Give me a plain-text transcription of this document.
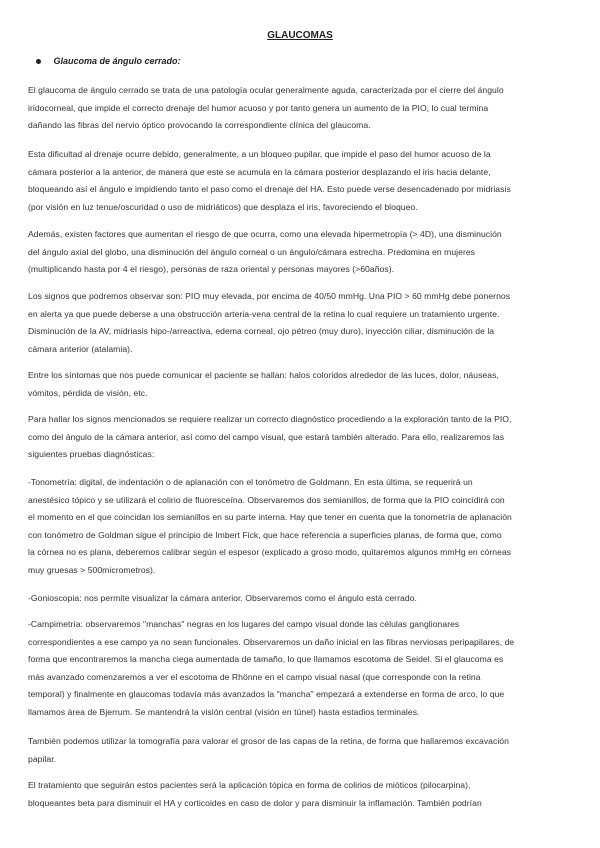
GLAUCOMAS
Glaucoma de ángulo cerrado:
El glaucoma de ángulo cerrado se trata de una patología ocular generalmente aguda, caracterizada por el cierre del ángulo
iridocorneal, que impide el correcto drenaje del humor acuoso y por tanto genera un aumento de la PIO, lo cual termina
dañando las fibras del nervio óptico provocando la correspondiente clínica del glaucoma.
Esta dificultad al drenaje ocurre debido, generalmente, a un bloqueo pupilar, que impide el paso del humor acuoso de la
cámara posterior a la anterior, de manera que este se acumula en la cámara posterior desplazando el iris hacia delante,
bloqueando así el ángulo e impidiendo tanto el paso como el drenaje del HA. Esto puede verse desencadenado por midriasis
(por visión en luz tenue/oscuridad o uso de midriáticos) que desplaza el iris, favoreciendo el bloqueo.
Además, existen factores que aumentan el riesgo de que ocurra, como una elevada hipermetropía (> 4D), una disminución
del ángulo axial del globo, una disminución del ángulo corneal o un ángulo/cámara estrecha. Predomina en mujeres
(multiplicando hasta por 4 el riesgo), personas de raza oriental y personas mayores (>60años).
Los signos que podremos observar son: PIO muy elevada, por encima de 40/50 mmHg. Una PIO > 60 mmHg debe ponernos
en alerta ya que puede deberse a una obstrucción arteria-vena central de la retina lo cual requiere un tratamiento urgente.
Disminución de la AV, midriasis hipo-/arreactiva, edema corneal, ojo pétreo (muy duro), inyección ciliar, disminución de la
cámara anterior (atalamia).
Entre los síntomas que nos puede comunicar el paciente se hallan: halos coloridos alrededor de las luces, dolor, náuseas,
vómitos, pérdida de visión, etc.
Para hallar los signos mencionados se requiere realizar un correcto diagnóstico procediendo a la exploración tanto de la PIO,
como del ángulo de la cámara anterior, así como del campo visual, que estará también alterado. Para ello, realizaremos las
siguientes pruebas diagnósticas:
-Tonometría: digital, de indentación o de aplanación con el tonómetro de Goldmann. En esta última, se requerirá un
anestésico tópico y se utilizará el colirio de fluoresceína. Observaremos dos semianillos, de forma que la PIO coincidirá con
el momento en el que coincidan los semianillos en su parte interna. Hay que tener en cuenta que la tonometría de aplanación
con tonómetro de Goldman sigue el principio de Imbert Fick, que hace referencia a superficies planas, de forma que, como
la córnea no es plana, deberemos calibrar según el espesor (explicado a groso modo, quitaremos algunos mmHg en córneas
muy gruesas > 500micrometros).
-Gonioscopia: nos permite visualizar la cámara anterior. Observaremos como el ángulo está cerrado.
-Campimetría: observaremos "manchas" negras en los lugares del campo visual donde las células ganglionares
correspondientes a ese campo ya no sean funcionales. Observaremos un daño inicial en las fibras nerviosas peripapilares, de
forma que encontraremos la mancha ciega aumentada de tamaño, lo que llamamos escotoma de Seidel. Si el glaucoma es
más avanzado comenzaremos a ver el escotoma de Rhönne en el campo visual nasal (que corresponde con la retina
temporal) y finalmente en glaucomas todavía más avanzados la "mancha" empezará a extenderse en forma de arco, lo que
llamamos área de Bjerrum. Se mantendrá la visión central (visión en túnel) hasta estadios terminales.
También podemos utilizar la tomografía para valorar el grosor de las capas de la retina, de forma que hallaremos excavación
papilar.
El tratamiento que seguirán estos pacientes será la aplicación tópica en forma de colirios de mióticos (pilocarpina),
bloqueantes beta para disminuir el HA y corticoides en caso de dolor y para disminuir la inflamación. También podrían
